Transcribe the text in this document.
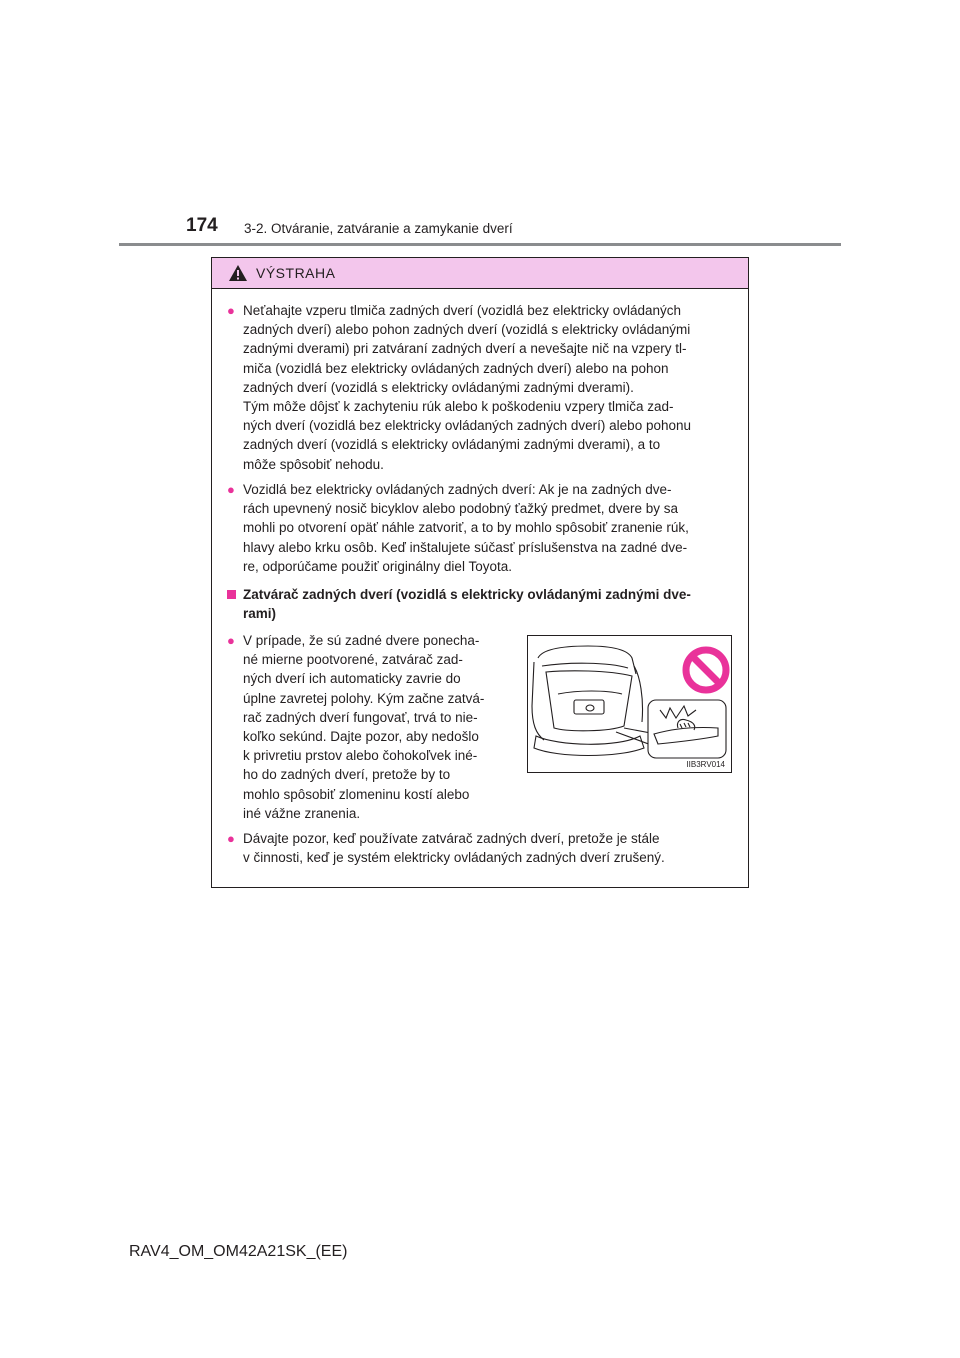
174 3-2. Otváranie, zatváranie a zamykanie dverí
VÝSTRAHA
● Neťahajte vzperu tlmiča zadných dverí (vozidlá bez elektricky ovládaných
zadných dverí) alebo pohon zadných dverí (vozidlá s elektricky ovládanými
zadnými dverami) pri zatváraní zadných dverí a nevešajte nič na vzpery tl-
miča (vozidlá bez elektricky ovládaných zadných dverí) alebo na pohon
zadných dverí (vozidlá s elektricky ovládanými zadnými dverami).
Tým môže dôjsť k zachyteniu rúk alebo k poškodeniu vzpery tlmiča zad-
ných dverí (vozidlá bez elektricky ovládaných zadných dverí) alebo pohonu
zadných dverí (vozidlá s elektricky ovládanými zadnými dverami), a to
môže spôsobiť nehodu.
● Vozidlá bez elektricky ovládaných zadných dverí: Ak je na zadných dve-
rách upevnený nosič bicyklov alebo podobný ťažký predmet, dvere by sa
mohli po otvorení opäť náhle zatvoriť, a to by mohlo spôsobiť zranenie rúk,
hlavy alebo krku osôb. Keď inštalujete súčasť príslušenstva na zadné dve-
re, odporúčame použiť originálny diel Toyota.
Zatvárač zadných dverí (vozidlá s elektricky ovládanými zadnými dve-
rami)
● V prípade, že sú zadné dvere ponecha-
né mierne pootvorené, zatvárač zad-
ných dverí ich automaticky zavrie do
úplne zavretej polohy. Kým začne zatvá-
rač zadných dverí fungovať, trvá to nie-
koľko sekúnd. Dajte pozor, aby nedošlo
k privretiu prstov alebo čohokoľvek iné-
ho do zadných dverí, pretože by to
mohlo spôsobiť zlomeninu kostí alebo
iné vážne zranenia.
● Dávajte pozor, keď používate zatvárač zadných dverí, pretože je stále
v činnosti, keď je systém elektricky ovládaných zadných dverí zrušený.
IIB3RV014
RAV4_OM_OM42A21SK_(EE)
